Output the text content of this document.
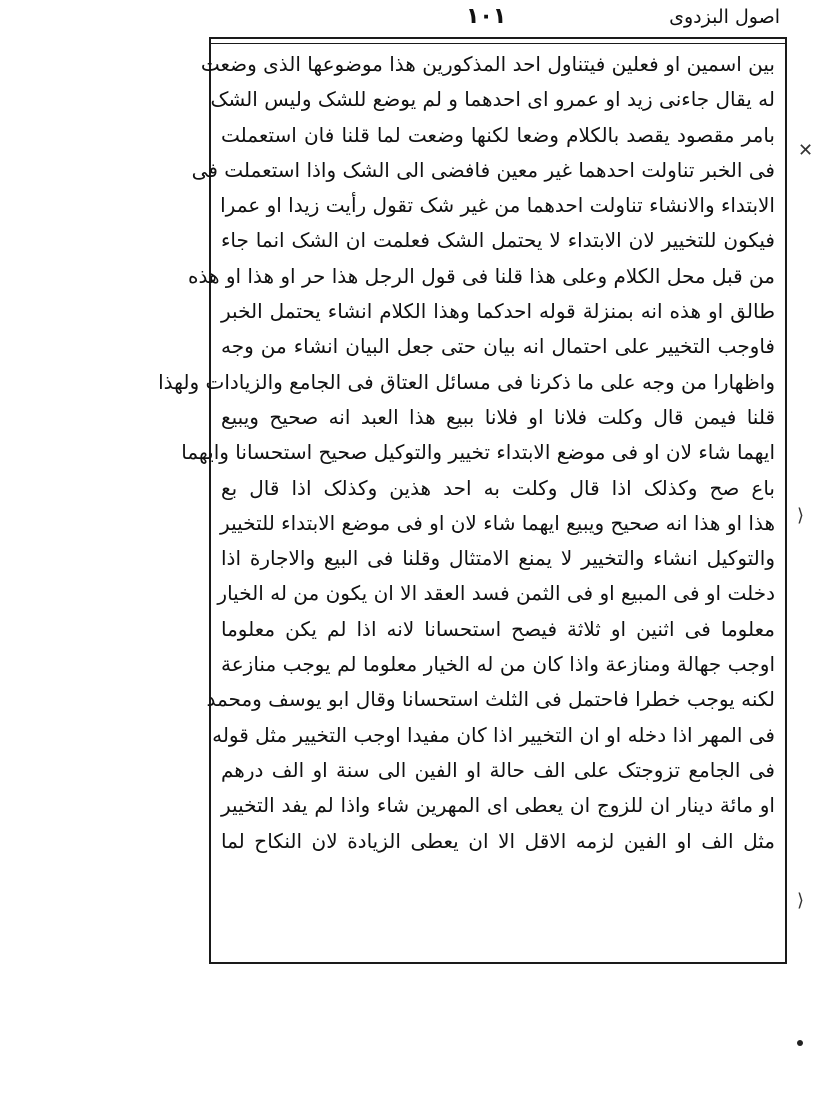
اصول البزدوی
۱۰۱
بین اسمین او فعلین فیتناول احد المذکورین هذا موضوعها الذی وضعت
له یقال جاءنی زید او عمرو ای احدهما و لم یوضع للشک ولیس الشک
بامر مقصود یقصد بالکلام وضعا لکنها وضعت لما قلنا فان استعملت
فی الخبر تناولت احدهما غیر معین فافضی الی الشک واذا استعملت فی
الابتداء والانشاء تناولت احدهما من غیر شک تقول رأیت زیدا او عمرا
فیکون للتخییر لان الابتداء لا یحتمل الشک فعلمت ان الشک انما جاء
من قبل محل الکلام وعلی هذا قلنا فی قول الرجل هذا حر او هذا او هذه
طالق او هذه انه بمنزلة قوله احدکما وهذا الکلام انشاء یحتمل الخبر
فاوجب التخییر علی احتمال انه بیان حتی جعل البیان انشاء من وجه
واظهارا من وجه علی ما ذکرنا فی مسائل العتاق فی الجامع والزیادات ولهذا
قلنا فیمن قال وکلت فلانا او فلانا ببیع هذا العبد انه صحیح ویبیع
ایهما شاء لان او فی موضع الابتداء تخییر والتوکیل صحیح استحسانا وایهما
باع صح وکذلک اذا قال وکلت به احد هذین وکذلک اذا قال بع
هذا او هذا انه صحیح ویبیع ایهما شاء لان او فی موضع الابتداء للتخییر
والتوکیل انشاء والتخییر لا یمنع الامتثال وقلنا فی البیع والاجارة اذا
دخلت او فی المبیع او فی الثمن فسد العقد الا ان یکون من له الخیار
معلوما فی اثنین او ثلاثة فیصح استحسانا لانه اذا لم یکن معلوما
اوجب جهالة ومنازعة واذا کان من له الخیار معلوما لم یوجب منازعة
لکنه یوجب خطرا فاحتمل فی الثلث استحسانا وقال ابو یوسف ومحمد
فی المهر اذا دخله او ان التخییر اذا کان مفیدا اوجب التخییر مثل قوله
فی الجامع تزوجتک علی الف حالة او الفین الی سنة او الف درهم
او مائة دینار ان للزوج ان یعطی ای المهرین شاء واذا لم یفد التخییر
مثل الف او الفین لزمه الاقل الا ان یعطی الزیادة لان النکاح لما
✕
⟩
⟩
